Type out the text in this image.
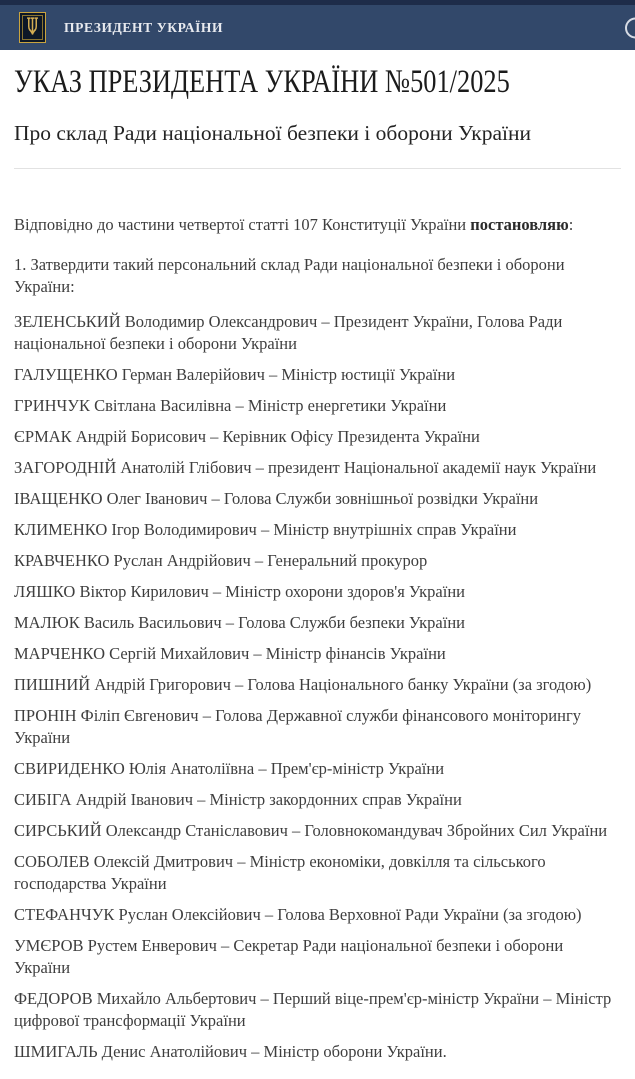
ПРЕЗИДЕНТ УКРАЇНИ
УКАЗ ПРЕЗИДЕНТА УКРАЇНИ №501/2025
Про склад Ради національної безпеки і оборони України

Відповідно до частини четвертої статті 107 Конституції України постановляю:

1. Затвердити такий персональний склад Ради національної безпеки і оборони України:

ЗЕЛЕНСЬКИЙ Володимир Олександрович – Президент України, Голова Ради національної безпеки і оборони України

ГАЛУЩЕНКО Герман Валерійович – Міністр юстиції України

ГРИНЧУК Світлана Василівна – Міністр енергетики України

ЄРМАК Андрій Борисович – Керівник Офісу Президента України

ЗАГОРОДНІЙ Анатолій Глібович – президент Національної академії наук України

ІВАЩЕНКО Олег Іванович – Голова Служби зовнішньої розвідки України

КЛИМЕНКО Ігор Володимирович – Міністр внутрішніх справ України

КРАВЧЕНКО Руслан Андрійович – Генеральний прокурор

ЛЯШКО Віктор Кирилович – Міністр охорони здоров'я України

МАЛЮК Василь Васильович – Голова Служби безпеки України

МАРЧЕНКО Сергій Михайлович – Міністр фінансів України

ПИШНИЙ Андрій Григорович – Голова Національного банку України (за згодою)

ПРОНІН Філіп Євгенович – Голова Державної служби фінансового моніторингу України

СВИРИДЕНКО Юлія Анатоліївна – Прем'єр-міністр України

СИБІГА Андрій Іванович – Міністр закордонних справ України

СИРСЬКИЙ Олександр Станіславович – Головнокомандувач Збройних Сил України

СОБОЛЕВ Олексій Дмитрович – Міністр економіки, довкілля та сільського господарства України

СТЕФАНЧУК Руслан Олексійович – Голова Верховної Ради України (за згодою)

УМЄРОВ Рустем Енверович – Секретар Ради національної безпеки і оборони України

ФЕДОРОВ Михайло Альбертович – Перший віце-прем'єр-міністр України – Міністр цифрової трансформації України

ШМИГАЛЬ Денис Анатолійович – Міністр оборони України.
